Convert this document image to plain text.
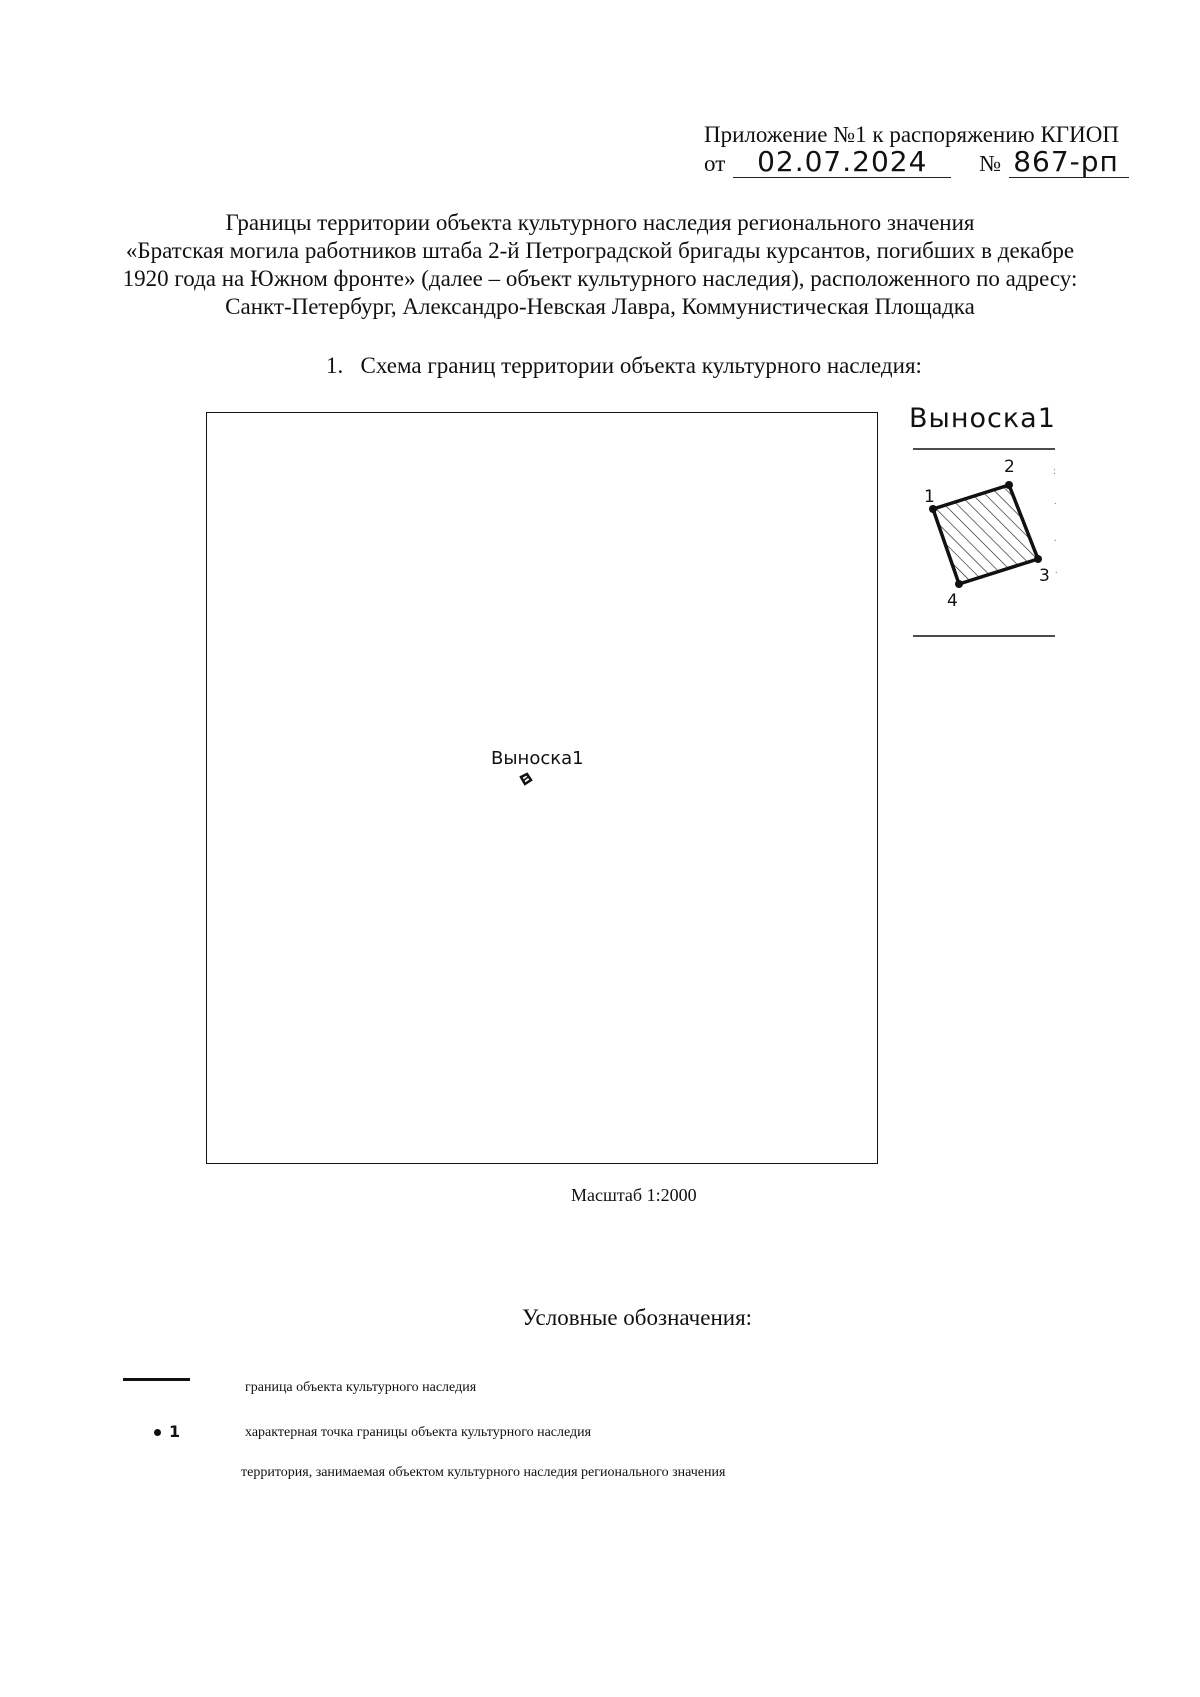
Приложение №1 к распоряжению КГИОП
от	02.07.2024	№ 867-рп
Границы территории объекта культурного наследия регионального значения
«Братская могила работников штаба 2-й Петроградской бригады курсантов, погибших в декабре
1920 года на Южном фронте» (далее – объект культурного наследия), расположенного по адресу:
Санкт-Петербург, Александро-Невская Лавра, Коммунистическая Площадка
1.   Схема границ территории объекта культурного наследия:
Выноска1
Масштаб 1:2000
Выноска1
:
.
.
.
1
2
3
4
Условные обозначения:
граница объекта культурного наследия
1	характерная точка границы объекта культурного наследия
территория, занимаемая объектом культурного наследия регионального значения
